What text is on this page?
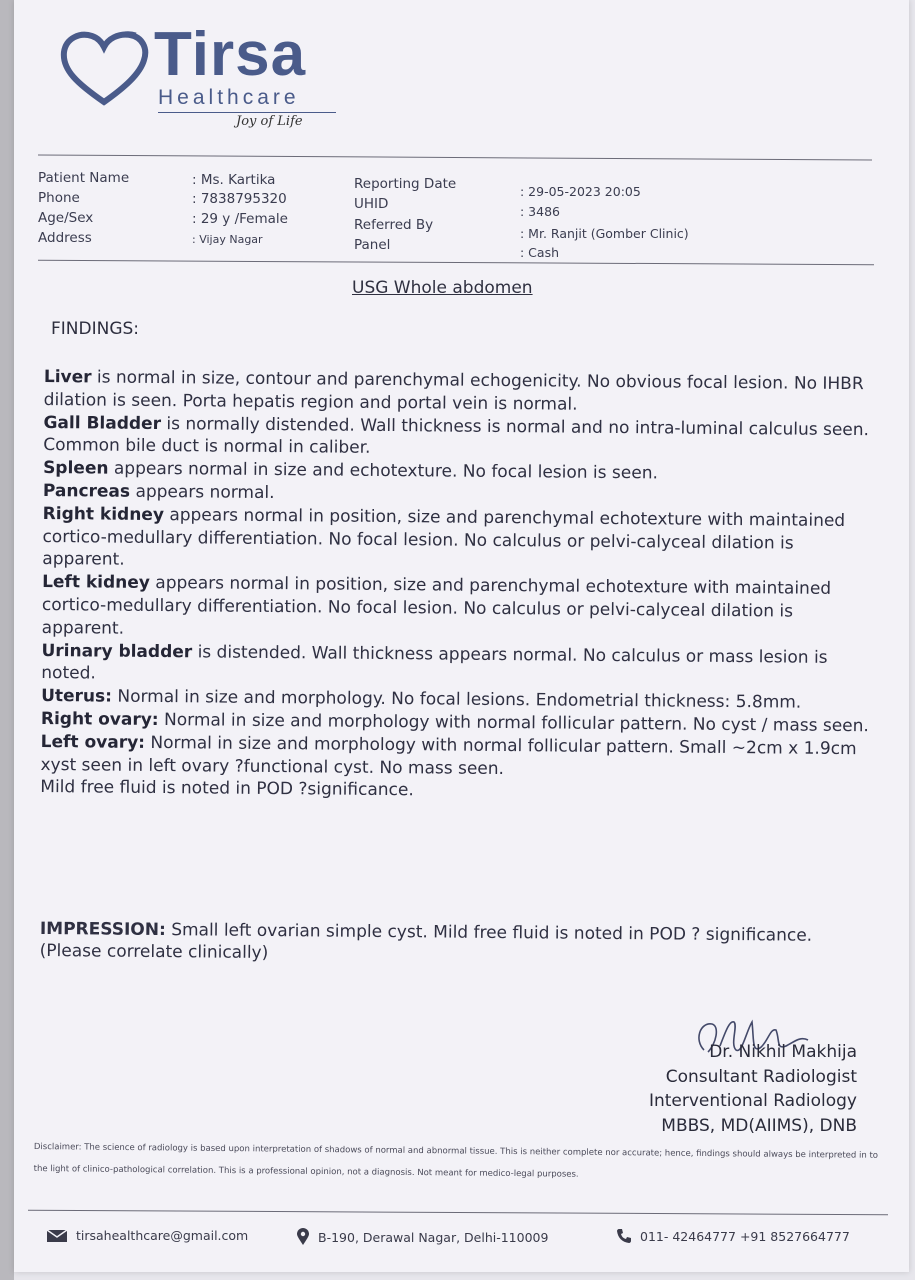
Tirsa
Healthcare
Joy of Life
Patient Name
Phone
Age/Sex
Address
: Ms. Kartika
: 7838795320
: 29 y /Female
: Vijay Nagar
Reporting Date
UHID
Referred By
Panel
: 29-05-2023 20:05
: 3486
: Mr. Ranjit (Gomber Clinic)
: Cash
USG Whole abdomen
FINDINGS:

Liver is normal in size, contour and parenchymal echogenicity. No obvious focal lesion. No IHBR dilation is seen. Porta hepatis region and portal vein is normal.

Gall Bladder is normally distended. Wall thickness is normal and no intra-luminal calculus seen. Common bile duct is normal in caliber.

Spleen appears normal in size and echotexture. No focal lesion is seen.

Pancreas appears normal.

Right kidney appears normal in position, size and parenchymal echotexture with maintained cortico-medullary differentiation. No focal lesion. No calculus or pelvi-calyceal dilation is apparent.

Left kidney appears normal in position, size and parenchymal echotexture with maintained cortico-medullary differentiation. No focal lesion. No calculus or pelvi-calyceal dilation is apparent.

Urinary bladder is distended. Wall thickness appears normal. No calculus or mass lesion is noted.

Uterus: Normal in size and morphology. No focal lesions. Endometrial thickness: 5.8mm.

Right ovary: Normal in size and morphology with normal follicular pattern. No cyst / mass seen.

Left ovary: Normal in size and morphology with normal follicular pattern. Small ~2cm x 1.9cm xyst seen in left ovary ?functional cyst. No mass seen.

Mild free fluid is noted in POD ?significance.

IMPRESSION: Small left ovarian simple cyst. Mild free fluid is noted in POD ? significance. (Please correlate clinically)
Dr. Nikhil Makhija
Consultant Radiologist
Interventional Radiology
MBBS, MD(AIIMS), DNB
Disclaimer: The science of radiology is based upon interpretation of shadows of normal and abnormal tissue. This is neither complete nor accurate; hence, findings should always be interpreted in to the light of clinico-pathological correlation. This is a professional opinion, not a diagnosis. Not meant for medico-legal purposes.
tirsahealthcare@gmail.com	B-190, Derawal Nagar, Delhi-110009	011- 42464777 +91 8527664777
